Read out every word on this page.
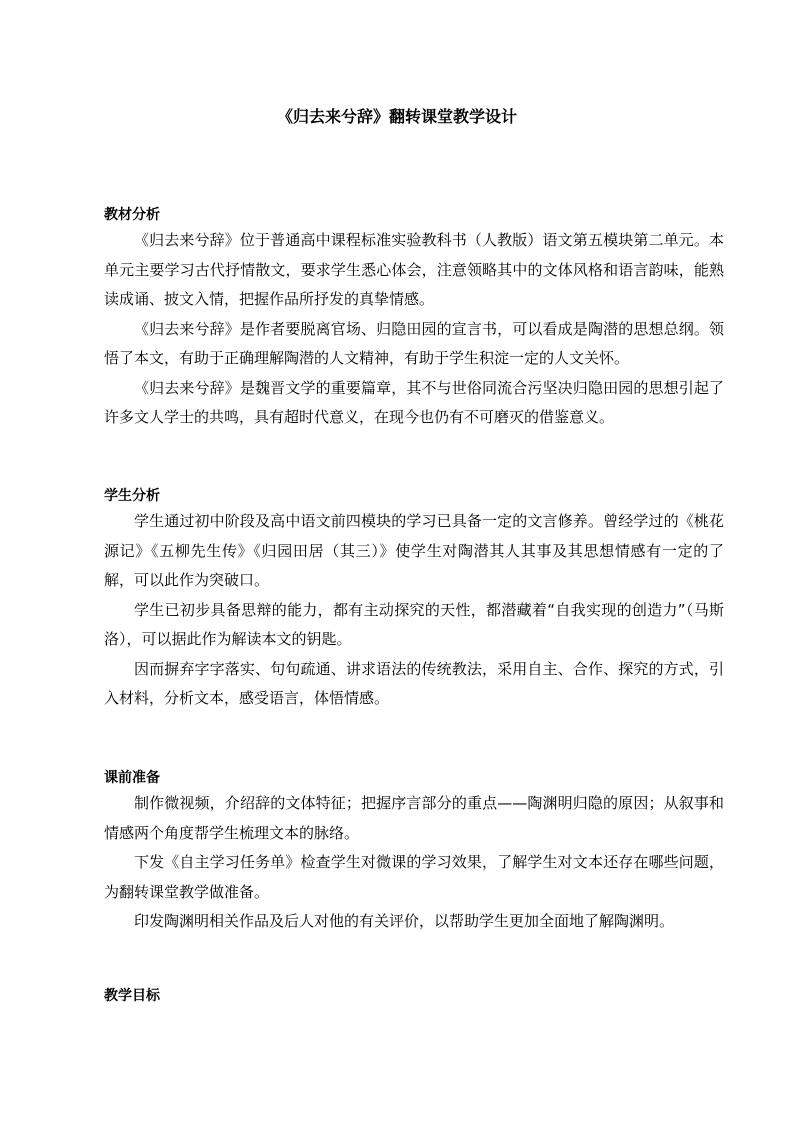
《归去来兮辞》翻转课堂教学设计
教材分析

《归去来兮辞》位于普通高中课程标准实验教科书（人教版）语文第五模块第二单元。本单元主要学习古代抒情散文，要求学生悉心体会，注意领略其中的文体风格和语言韵味，能熟读成诵、披文入情，把握作品所抒发的真挚情感。

《归去来兮辞》是作者要脱离官场、归隐田园的宣言书，可以看成是陶潜的思想总纲。领悟了本文，有助于正确理解陶潜的人文精神，有助于学生积淀一定的人文关怀。

《归去来兮辞》是魏晋文学的重要篇章，其不与世俗同流合污坚决归隐田园的思想引起了许多文人学士的共鸣，具有超时代意义，在现今也仍有不可磨灭的借鉴意义。

学生分析

学生通过初中阶段及高中语文前四模块的学习已具备一定的文言修养。曾经学过的《桃花源记》《五柳先生传》《归园田居（其三）》使学生对陶潜其人其事及其思想情感有一定的了解，可以此作为突破口。

学生已初步具备思辩的能力，都有主动探究的天性，都潜藏着“自我实现的创造力”（马斯洛），可以据此作为解读本文的钥匙。

因而摒弃字字落实、句句疏通、讲求语法的传统教法，采用自主、合作、探究的方式，引入材料，分析文本，感受语言，体悟情感。

课前准备

制作微视频，介绍辞的文体特征；把握序言部分的重点——陶渊明归隐的原因；从叙事和情感两个角度帮学生梳理文本的脉络。

下发《自主学习任务单》检查学生对微课的学习效果，了解学生对文本还存在哪些问题，为翻转课堂教学做准备。

印发陶渊明相关作品及后人对他的有关评价，以帮助学生更加全面地了解陶渊明。

教学目标
